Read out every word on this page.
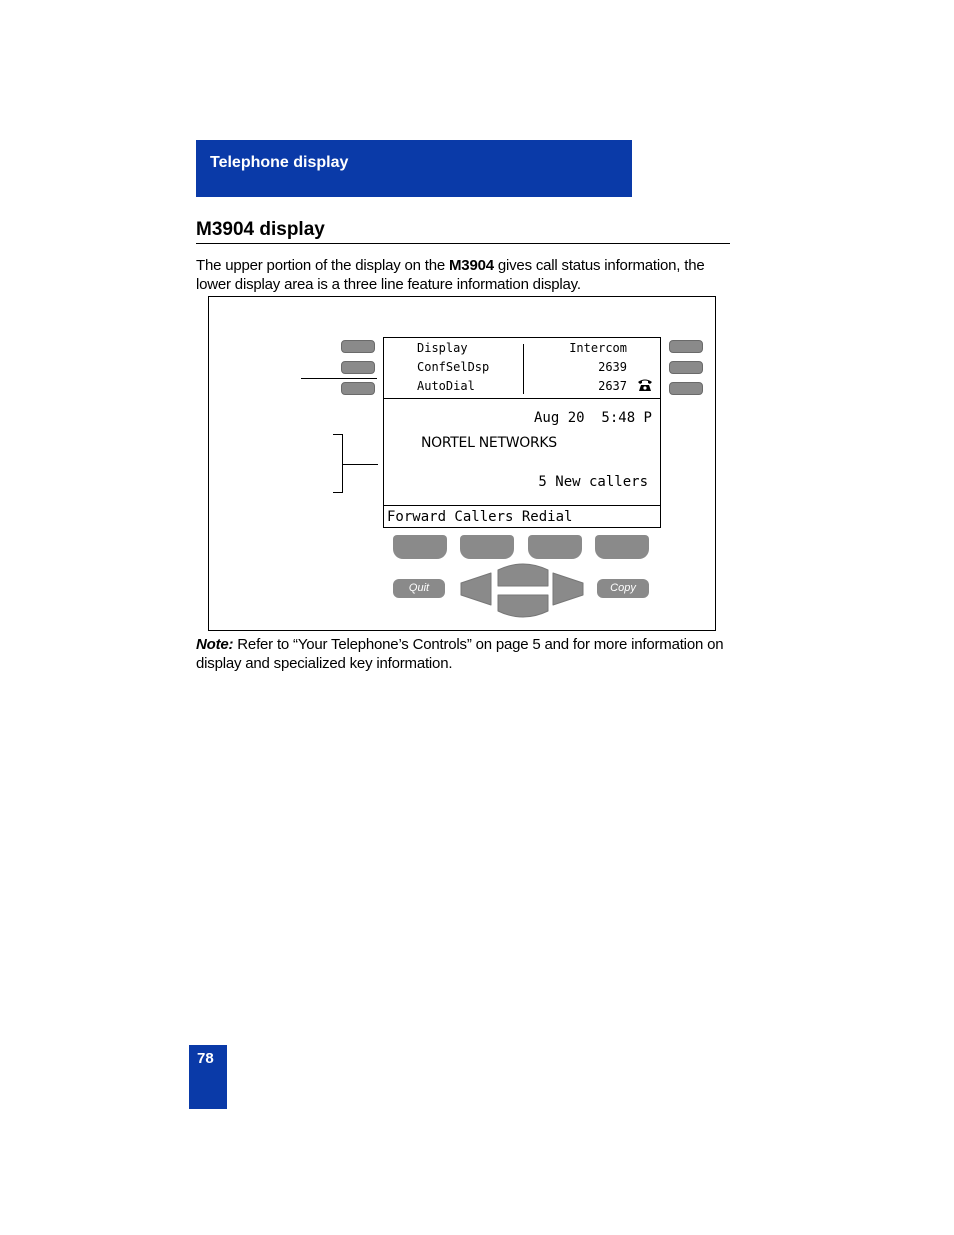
Telephone display
M3904 display
The upper portion of the display on the M3904 gives call status information, the lower display area is a three line feature information display.
Display
ConfSelDsp
AutoDial
Intercom
2639
2637
Aug 20  5:48 P
NORTEL NETWORKS
5 New callers
Forward Callers Redial
Quit	Copy
Note: Refer to “Your Telephone’s Controls” on page 5 and for more information on display and specialized key information.
78
